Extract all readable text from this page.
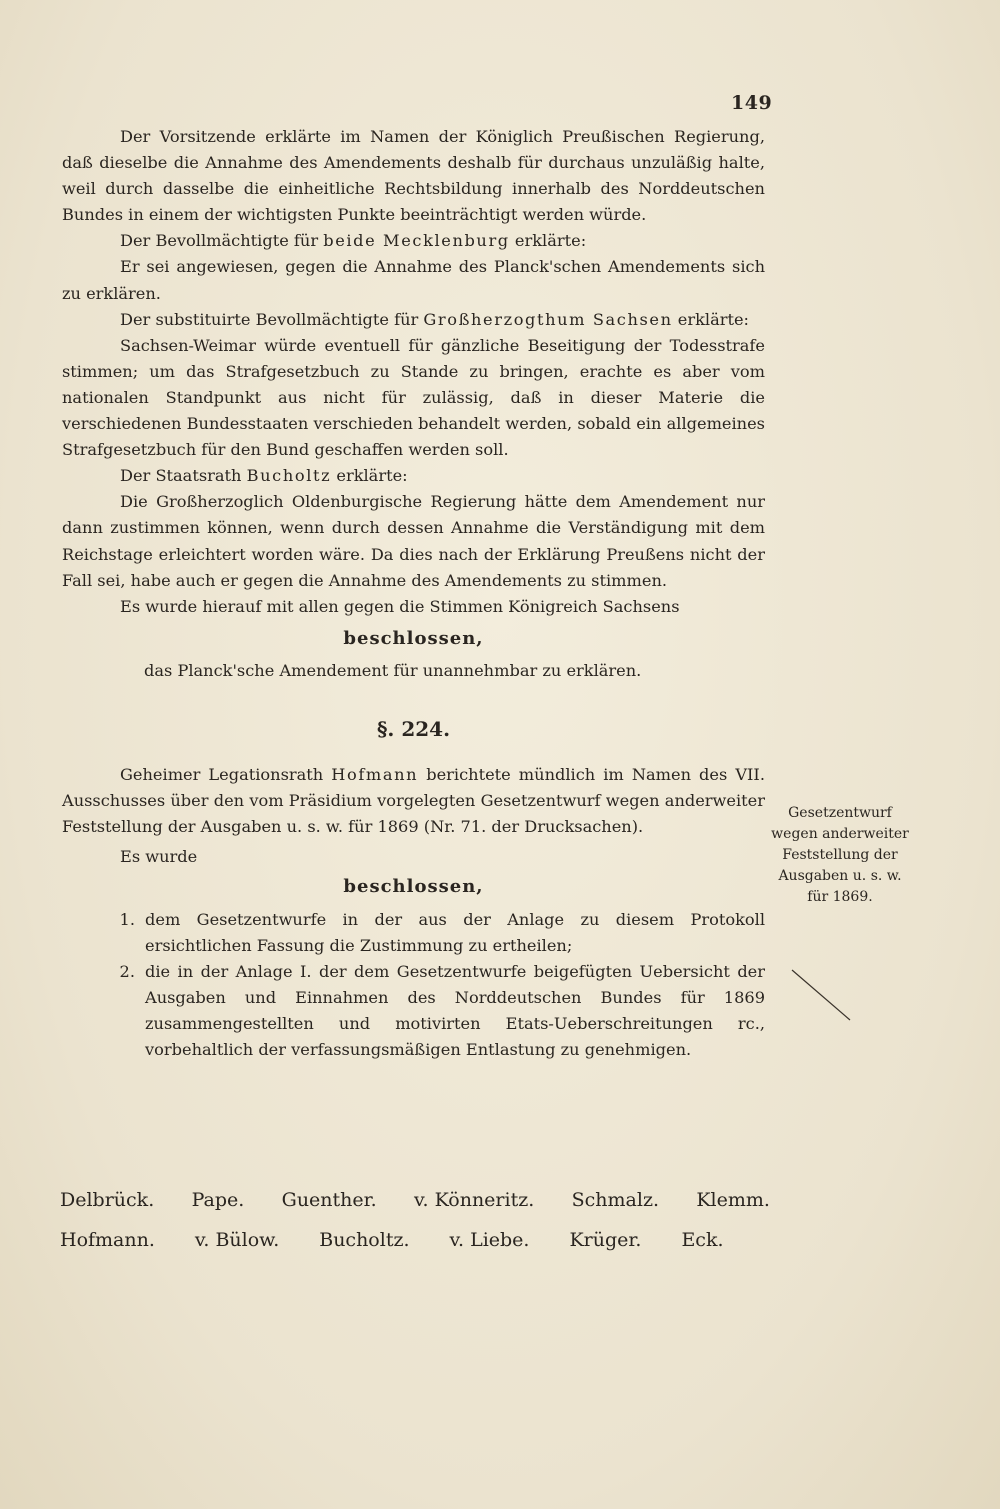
149

Der Vorsitzende erklärte im Namen der Königlich Preußischen Regierung, daß dieselbe die Annahme des Amendements deshalb für durchaus unzuläßig halte, weil durch dasselbe die einheitliche Rechtsbildung innerhalb des Norddeutschen Bundes in einem der wichtigsten Punkte beeinträchtigt werden würde.

Der Bevollmächtigte für beide Mecklenburg erklärte:

Er sei angewiesen, gegen die Annahme des Planck'schen Amendements sich zu erklären.

Der substituirte Bevollmächtigte für Großherzogthum Sachsen erklärte:

Sachsen-Weimar würde eventuell für gänzliche Beseitigung der Todesstrafe stimmen; um das Strafgesetzbuch zu Stande zu bringen, erachte es aber vom nationalen Standpunkt aus nicht für zulässig, daß in dieser Materie die verschiedenen Bundesstaaten verschieden behandelt werden, sobald ein allgemeines Strafgesetzbuch für den Bund geschaffen werden soll.

Der Staatsrath Bucholtz erklärte:

Die Großherzoglich Oldenburgische Regierung hätte dem Amendement nur dann zustimmen können, wenn durch dessen Annahme die Verständigung mit dem Reichstage erleichtert worden wäre. Da dies nach der Erklärung Preußens nicht der Fall sei, habe auch er gegen die Annahme des Amendements zu stimmen.

Es wurde hierauf mit allen gegen die Stimmen Königreich Sachsens

beschlossen,

das Planck'sche Amendement für unannehmbar zu erklären.

§. 224.

Geheimer Legationsrath Hofmann berichtete mündlich im Namen des VII. Ausschusses über den vom Präsidium vorgelegten Gesetzentwurf wegen anderweiter Feststellung der Ausgaben u. s. w. für 1869 (Nr. 71. der Drucksachen).

Es wurde

beschlossen,

1. dem Gesetzentwurfe in der aus der Anlage zu diesem Protokoll ersichtlichen Fassung die Zustimmung zu ertheilen;
2. die in der Anlage I. der dem Gesetzentwurfe beigefügten Uebersicht der Ausgaben und Einnahmen des Norddeutschen Bundes für 1869 zusammengestellten und motivirten Etats-Ueberschreitungen rc., vorbehaltlich der verfassungsmäßigen Entlastung zu genehmigen.
Gesetzentwurf
wegen anderweiter
Feststellung der
Ausgaben u. s. w.
für 1869.
Delbrück. Pape. Guenther. v. Könneritz. Schmalz. Klemm.
Hofmann. v. Bülow. Bucholtz. v. Liebe. Krüger. Eck.
